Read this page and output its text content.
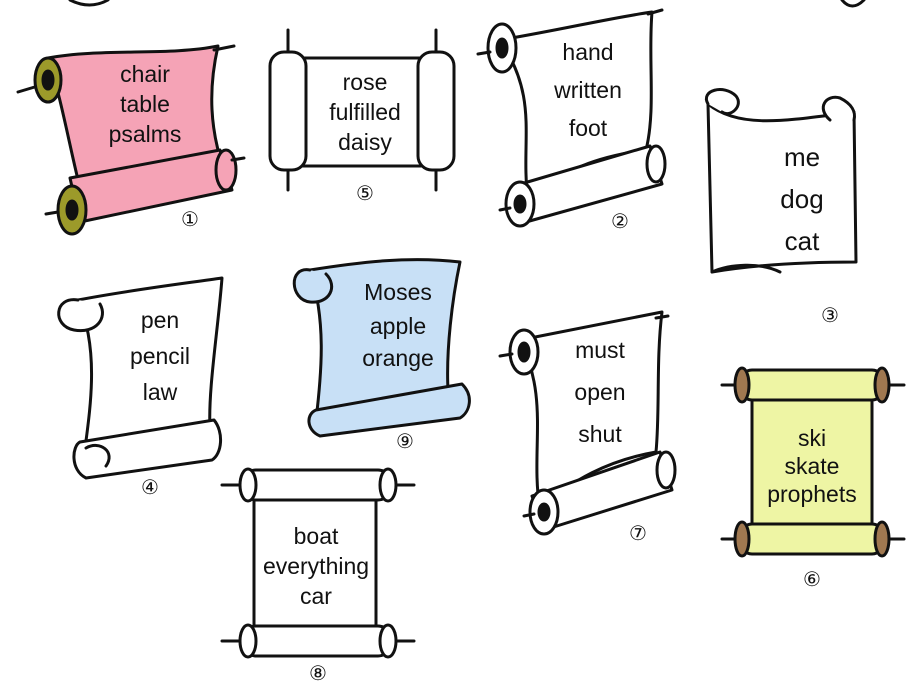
chair
table
psalms
①
rose
fulfilled
daisy
⑤
hand
written
foot
②
me
dog
cat
③
pen
pencil
law
④
Moses
apple
orange
⑨
must
open
shut
⑦
ski
skate
prophets
⑥
boat
everything
car
⑧
